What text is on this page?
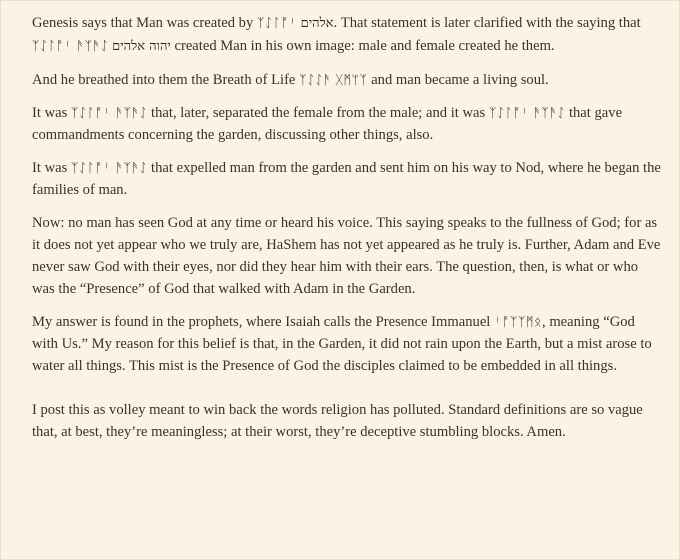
Genesis says that Man was created by ᛉᛇᛚᚩᛌ אלהים. That statement is later clarified with the saying that ᛉᛇᛚᚩᛌ ᚫᛉᚫᛇ יהוה אלהים created Man in his own image: male and female created he them.

And he breathed into them the Breath of Life ᛉᛇᛇᚫ ᚷᛗᛘᛉ and man became a living soul.

It was ᛉᛇᛚᚩᛌ ᚫᛉᚫᛇ that, later, separated the female from the male; and it was ᛉᛇᛚᚩᛌ ᚫᛉᚫᛇ that gave commandments concerning the garden, discussing other things, also.

It was ᛉᛇᛚᚩᛌ ᚫᛉᚫᛇ that expelled man from the garden and sent him on his way to Nod, where he began the families of man.

Now: no man has seen God at any time or heard his voice. This saying speaks to the fullness of God; for as it does not yet appear who we truly are, HaShem has not yet appeared as he truly is. Further, Adam and Eve never saw God with their eyes, nor did they hear him with their ears. The question, then, is what or who was the “Presence” of God that walked with Adam in the Garden.

My answer is found in the prophets, where Isaiah calls the Presence Immanuel ᛌᚩᛉᛉᛗᛟ, meaning “God with Us.” My reason for this belief is that, in the Garden, it did not rain upon the Earth, but a mist arose to water all things. This mist is the Presence of God the disciples claimed to be embedded in all things.

I post this as volley meant to win back the words religion has polluted. Standard definitions are so vague that, at best, they’re meaningless; at their worst, they’re deceptive stumbling blocks. Amen.
